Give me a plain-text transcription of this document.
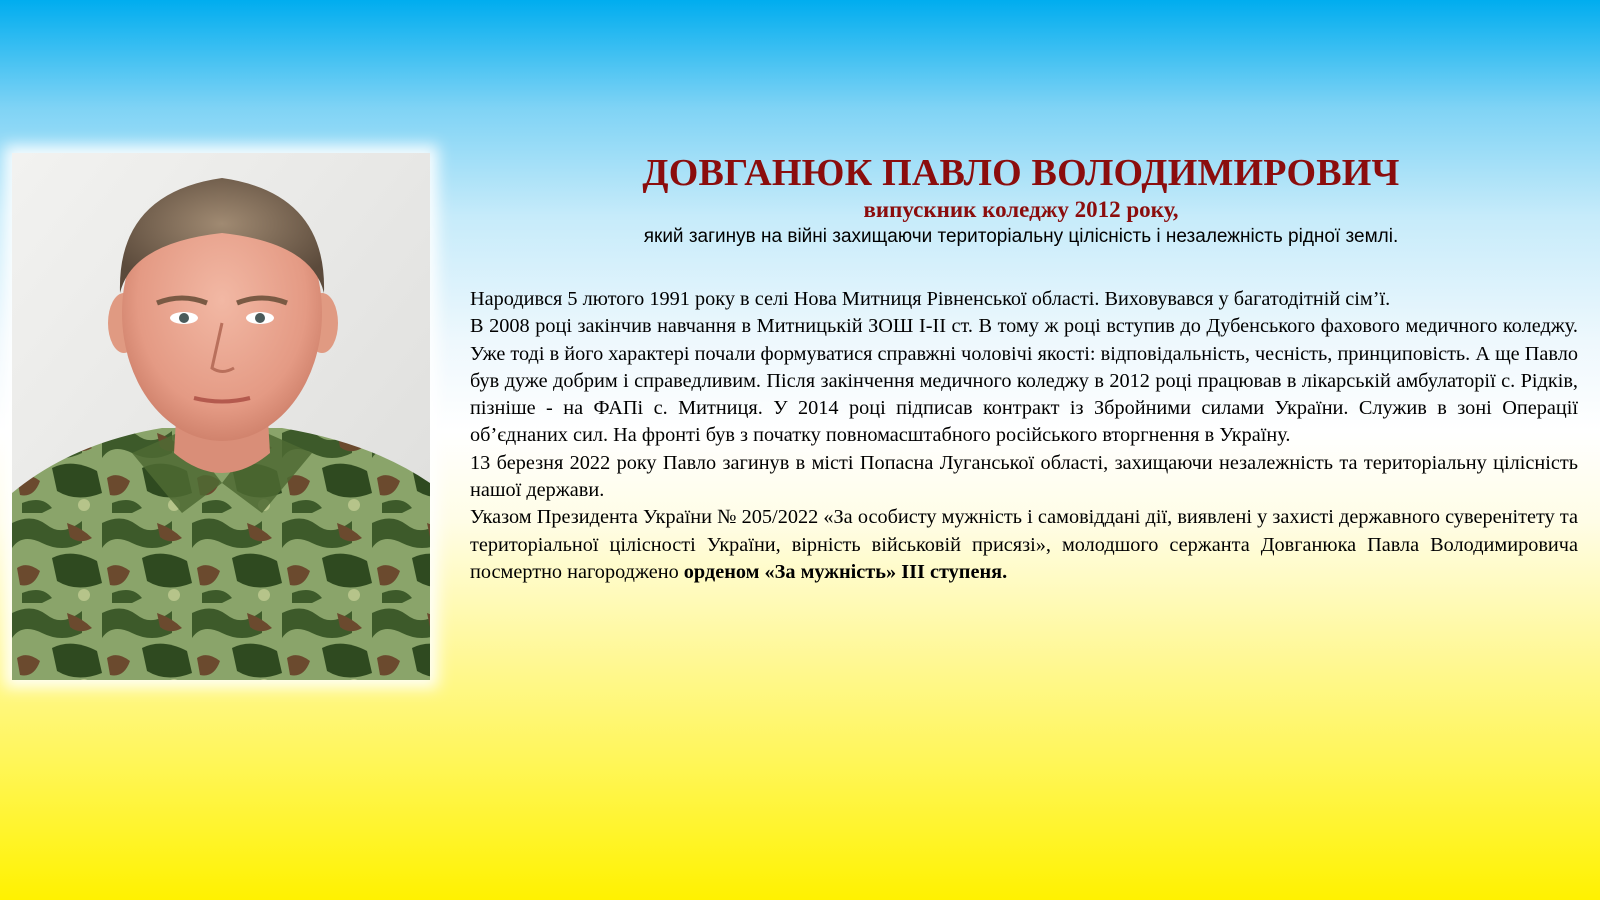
ДОВГАНЮК ПАВЛО ВОЛОДИМИРОВИЧ
випускник коледжу 2012 року,
який загинув на війні захищаючи територіальну цілісність і незалежність рідної землі.

Народився 5 лютого 1991 року в селі Нова Митниця Рівненської області. Виховувався у багатодітній сім’ї.

В 2008 році закінчив навчання в Митницькій ЗОШ І-ІІ ст. В тому ж році вступив до Дубенського фахового медичного коледжу. Уже тоді в його характері почали формуватися справжні чоловічі якості: відповідальність, чесність, принциповість. А ще Павло був дуже добрим і справедливим. Після закінчення медичного коледжу в 2012 році працював в лікарській амбулаторії с. Рідків, пізніше - на ФАПі с. Митниця. У 2014 році підписав контракт із Збройними силами України. Служив в зоні Операції об’єднаних сил. На фронті був з початку повномасштабного російського вторгнення в Україну.

13 березня 2022 року Павло загинув в місті Попасна Луганської області, захищаючи незалежність та територіальну цілісність нашої держави.

Указом Президента України № 205/2022 «За особисту мужність і самовіддані дії, виявлені у захисті державного суверенітету та територіальної цілісності України, вірність військовій присязі», молодшого сержанта Довганюка Павла Володимировича посмертно нагороджено орденом «За мужність» ІІІ ступеня.
